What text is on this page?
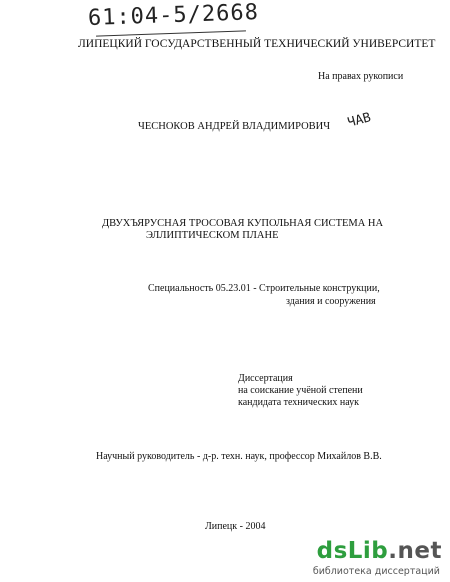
61:04-5/2668
ЛИПЕЦКИЙ ГОСУДАРСТВЕННЫЙ ТЕХНИЧЕСКИЙ УНИВЕРСИТЕТ
На правах рукописи
ЧЕСНОКОВ АНДРЕЙ ВЛАДИМИРОВИЧ ЧАВ
ДВУХЪЯРУСНАЯ ТРОСОВАЯ КУПОЛЬНАЯ СИСТЕМА НА
ЭЛЛИПТИЧЕСКОМ ПЛАНЕ
Специальность 05.23.01 - Строительные конструкции,
здания и сооружения
Диссертация
на соискание учёной степени
кандидата технических наук
Научный руководитель - д-р. техн. наук, профессор Михайлов В.В.
Липецк - 2004
dsLib.net
библиотека диссертаций
